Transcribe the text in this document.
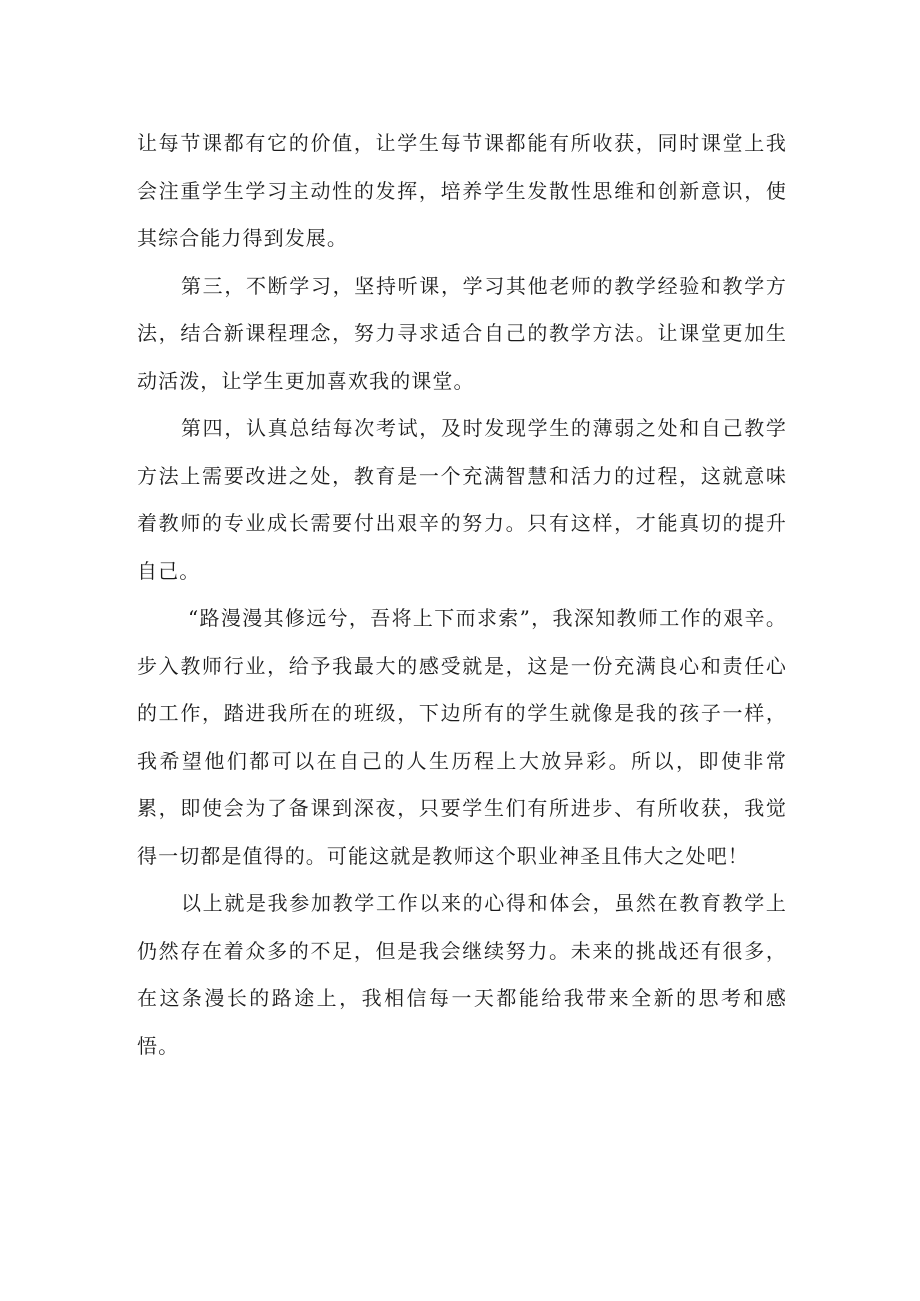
让每节课都有它的价值，让学生每节课都能有所收获，同时课堂上我会注重学生学习主动性的发挥，培养学生发散性思维和创新意识，使其综合能力得到发展。

第三，不断学习，坚持听课，学习其他老师的教学经验和教学方法，结合新课程理念，努力寻求适合自己的教学方法。让课堂更加生动活泼，让学生更加喜欢我的课堂。

第四，认真总结每次考试，及时发现学生的薄弱之处和自己教学方法上需要改进之处，教育是一个充满智慧和活力的过程，这就意味着教师的专业成长需要付出艰辛的努力。只有这样，才能真切的提升自己。

“路漫漫其修远兮，吾将上下而求索”，我深知教师工作的艰辛。步入教师行业，给予我最大的感受就是，这是一份充满良心和责任心的工作，踏进我所在的班级，下边所有的学生就像是我的孩子一样，我希望他们都可以在自己的人生历程上大放异彩。所以，即使非常累，即使会为了备课到深夜，只要学生们有所进步、有所收获，我觉得一切都是值得的。可能这就是教师这个职业神圣且伟大之处吧！

以上就是我参加教学工作以来的心得和体会，虽然在教育教学上仍然存在着众多的不足，但是我会继续努力。未来的挑战还有很多，在这条漫长的路途上，我相信每一天都能给我带来全新的思考和感悟。
